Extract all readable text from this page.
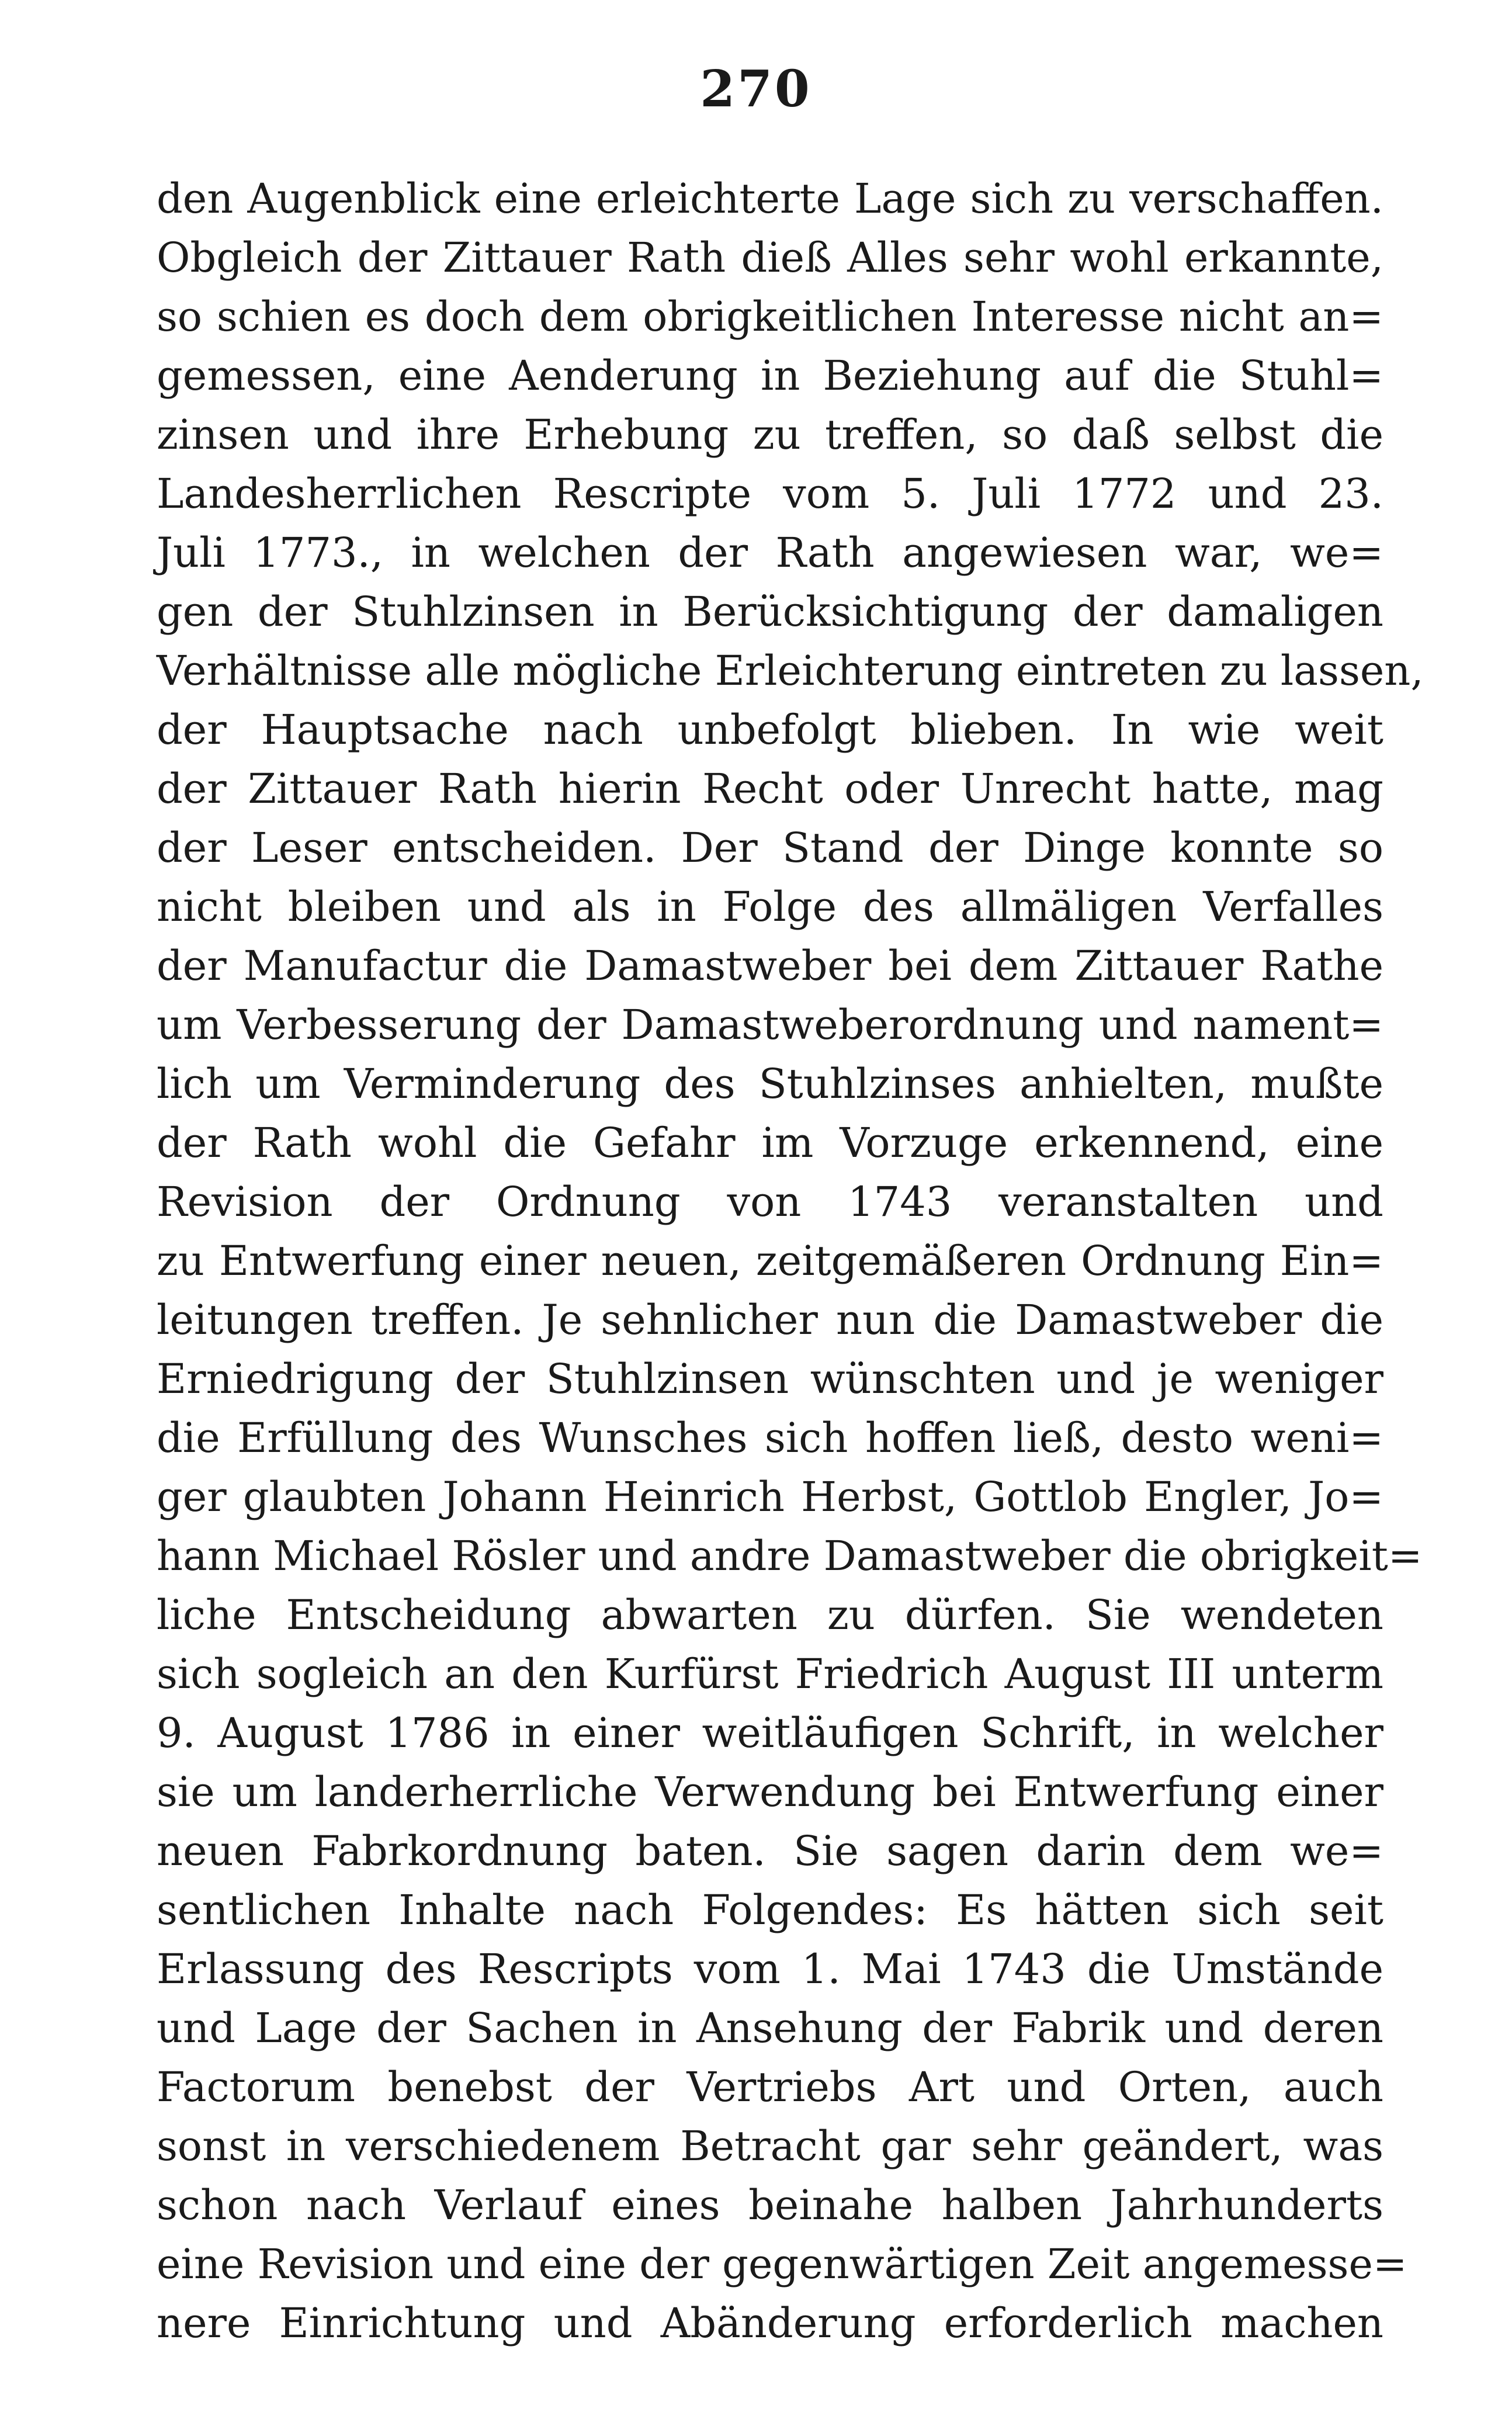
270
den Augenblick eine erleichterte Lage sich zu verschaffen.
Obgleich der Zittauer Rath dieß Alles sehr wohl erkannte,
so schien es doch dem obrigkeitlichen Interesse nicht an=
gemessen, eine Aenderung in Beziehung auf die Stuhl=
zinsen und ihre Erhebung zu treffen, so daß selbst die
Landesherrlichen Rescripte vom 5. Juli 1772 und 23.
Juli 1773., in welchen der Rath angewiesen war, we=
gen der Stuhlzinsen in Berücksichtigung der damaligen
Verhältnisse alle mögliche Erleichterung eintreten zu lassen,
der Hauptsache nach unbefolgt blieben. In wie weit
der Zittauer Rath hierin Recht oder Unrecht hatte, mag
der Leser entscheiden. Der Stand der Dinge konnte so
nicht bleiben und als in Folge des allmäligen Verfalles
der Manufactur die Damastweber bei dem Zittauer Rathe
um Verbesserung der Damastweberordnung und nament=
lich um Verminderung des Stuhlzinses anhielten, mußte
der Rath wohl die Gefahr im Vorzuge erkennend, eine
Revision der Ordnung von 1743 veranstalten und
zu Entwerfung einer neuen, zeitgemäßeren Ordnung Ein=
leitungen treffen. Je sehnlicher nun die Damastweber die
Erniedrigung der Stuhlzinsen wünschten und je weniger
die Erfüllung des Wunsches sich hoffen ließ, desto weni=
ger glaubten Johann Heinrich Herbst, Gottlob Engler, Jo=
hann Michael Rösler und andre Damastweber die obrigkeit=
liche Entscheidung abwarten zu dürfen. Sie wendeten
sich sogleich an den Kurfürst Friedrich August III unterm
9. August 1786 in einer weitläufigen Schrift, in welcher
sie um landerherrliche Verwendung bei Entwerfung einer
neuen Fabrkordnung baten. Sie sagen darin dem we=
sentlichen Inhalte nach Folgendes: Es hätten sich seit
Erlassung des Rescripts vom 1. Mai 1743 die Umstände
und Lage der Sachen in Ansehung der Fabrik und deren
Factorum benebst der Vertriebs Art und Orten, auch
sonst in verschiedenem Betracht gar sehr geändert, was
schon nach Verlauf eines beinahe halben Jahrhunderts
eine Revision und eine der gegenwärtigen Zeit angemesse=
nere Einrichtung und Abänderung erforderlich machen
